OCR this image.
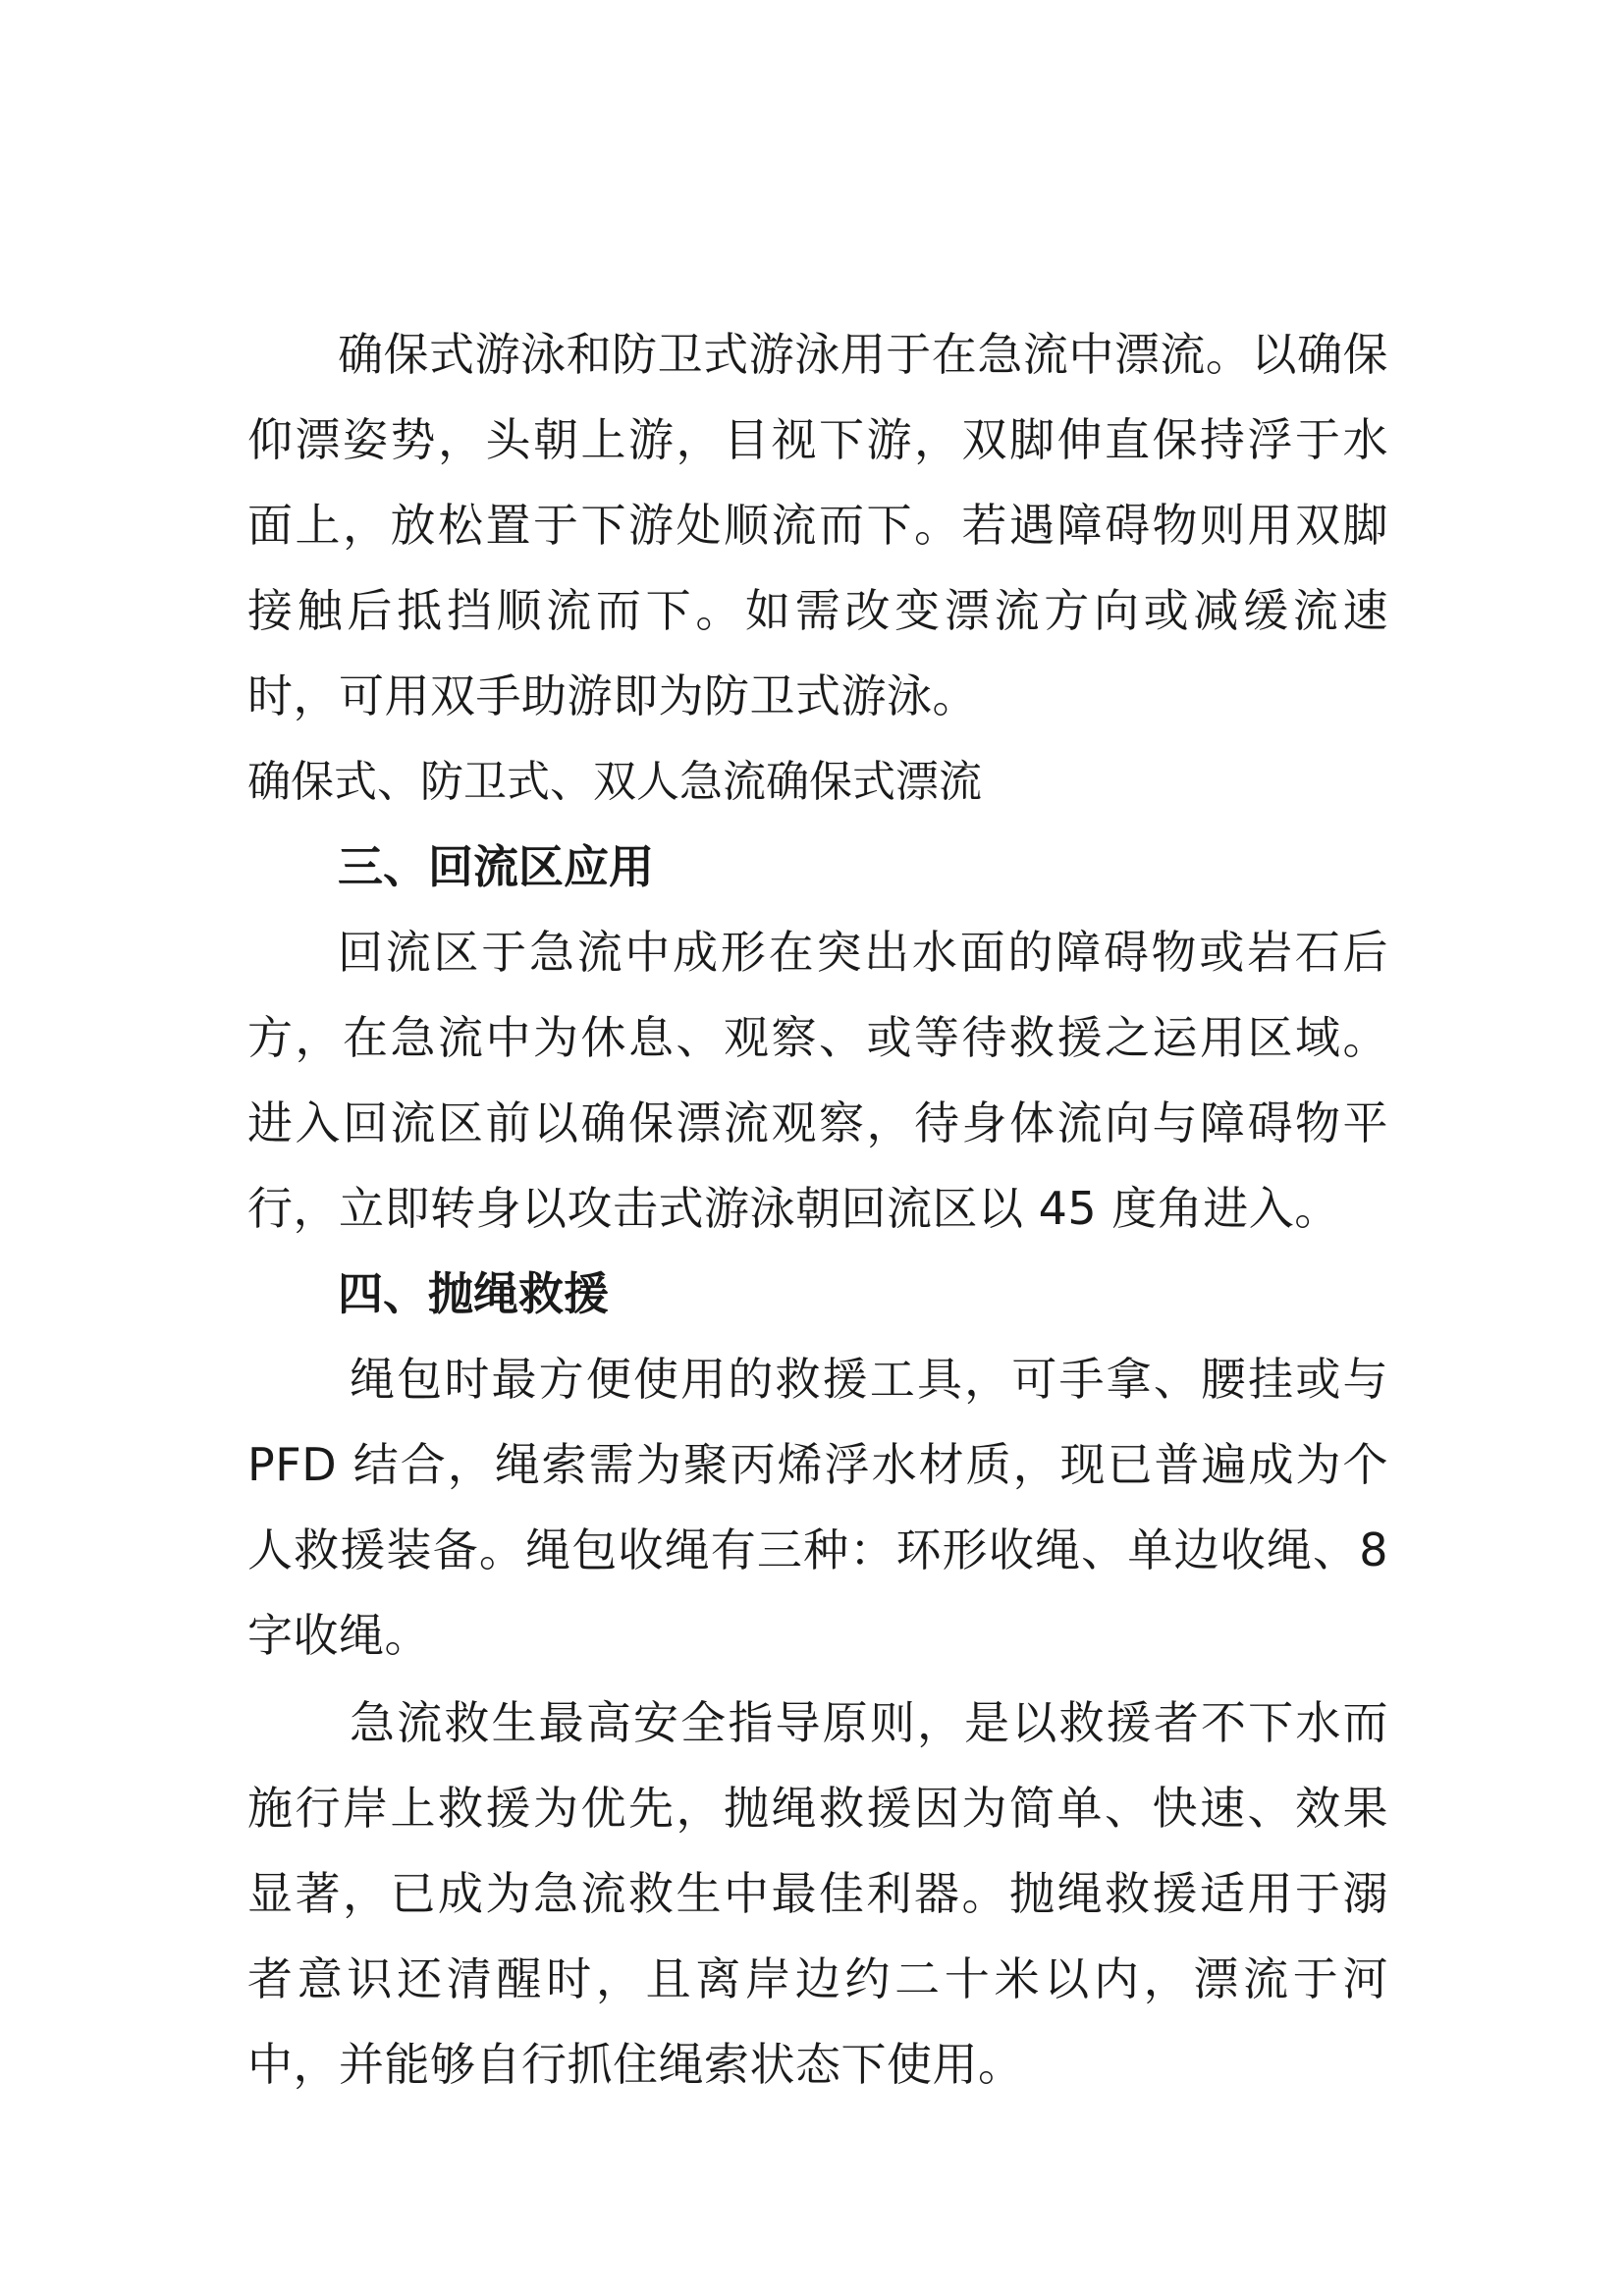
确保式游泳和防卫式游泳用于在急流中漂流。以确保仰漂姿势，头朝上游，目视下游，双脚伸直保持浮于水面上，放松置于下游处顺流而下。若遇障碍物则用双脚接触后抵挡顺流而下。如需改变漂流方向或减缓流速时，可用双手助游即为防卫式游泳。

确保式、防卫式、双人急流确保式漂流

三、回流区应用

回流区于急流中成形在突出水面的障碍物或岩石后方，在急流中为休息、观察、或等待救援之运用区域。进入回流区前以确保漂流观察，待身体流向与障碍物平行，立即转身以攻击式游泳朝回流区以 45 度角进入。

四、抛绳救援

绳包时最方便使用的救援工具，可手拿、腰挂或与 PFD 结合，绳索需为聚丙烯浮水材质，现已普遍成为个人救援装备。绳包收绳有三种：环形收绳、单边收绳、8 字收绳。

急流救生最高安全指导原则，是以救援者不下水而施行岸上救援为优先，抛绳救援因为简单、快速、效果显著，已成为急流救生中最佳利器。抛绳救援适用于溺者意识还清醒时，且离岸边约二十米以内，漂流于河中，并能够自行抓住绳索状态下使用。
